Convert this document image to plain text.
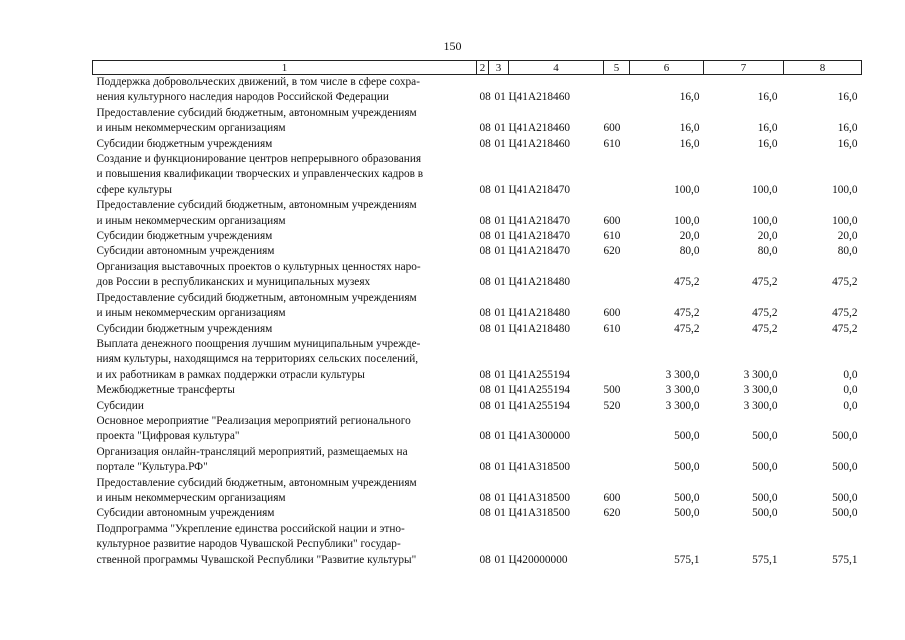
150
1	2	3	4	5	6	7	8

Поддержка добровольческих движений, в том числе в сфере сохра-
нения культурного наследия народов Российской Федерации	08	01	Ц41А218460		16,0	16,0	16,0

Предоставление субсидий бюджетным, автономным учреждениям
и иным некоммерческим организациям	08	01	Ц41А218460	600	16,0	16,0	16,0

Субсидии бюджетным учреждениям	08	01	Ц41А218460	610	16,0	16,0	16,0

Создание и функционирование центров непрерывного образования
и повышения квалификации творческих и управленческих кадров в
сфере культуры	08	01	Ц41А218470		100,0	100,0	100,0

Предоставление субсидий бюджетным, автономным учреждениям
и иным некоммерческим организациям	08	01	Ц41А218470	600	100,0	100,0	100,0

Субсидии бюджетным учреждениям	08	01	Ц41А218470	610	20,0	20,0	20,0

Субсидии автономным учреждениям	08	01	Ц41А218470	620	80,0	80,0	80,0

Организация выставочных проектов о культурных ценностях наро-
дов России в республиканских и муниципальных музеях	08	01	Ц41А218480		475,2	475,2	475,2

Предоставление субсидий бюджетным, автономным учреждениям
и иным некоммерческим организациям	08	01	Ц41А218480	600	475,2	475,2	475,2

Субсидии бюджетным учреждениям	08	01	Ц41А218480	610	475,2	475,2	475,2

Выплата денежного поощрения лучшим муниципальным учрежде-
ниям культуры, находящимся на территориях сельских поселений,
и их работникам в рамках поддержки отрасли культуры	08	01	Ц41А255194		3 300,0	3 300,0	0,0

Межбюджетные трансферты	08	01	Ц41А255194	500	3 300,0	3 300,0	0,0

Субсидии	08	01	Ц41А255194	520	3 300,0	3 300,0	0,0

Основное мероприятие "Реализация мероприятий регионального
проекта "Цифровая культура"	08	01	Ц41А300000		500,0	500,0	500,0

Организация онлайн-трансляций мероприятий, размещаемых на
портале "Культура.РФ"	08	01	Ц41А318500		500,0	500,0	500,0

Предоставление субсидий бюджетным, автономным учреждениям
и иным некоммерческим организациям	08	01	Ц41А318500	600	500,0	500,0	500,0

Субсидии автономным учреждениям	08	01	Ц41А318500	620	500,0	500,0	500,0

Подпрограмма "Укрепление единства российской нации и этно-
культурное развитие народов Чувашской Республики" государ-
ственной программы Чувашской Республики "Развитие культуры"	08	01	Ц420000000		575,1	575,1	575,1
